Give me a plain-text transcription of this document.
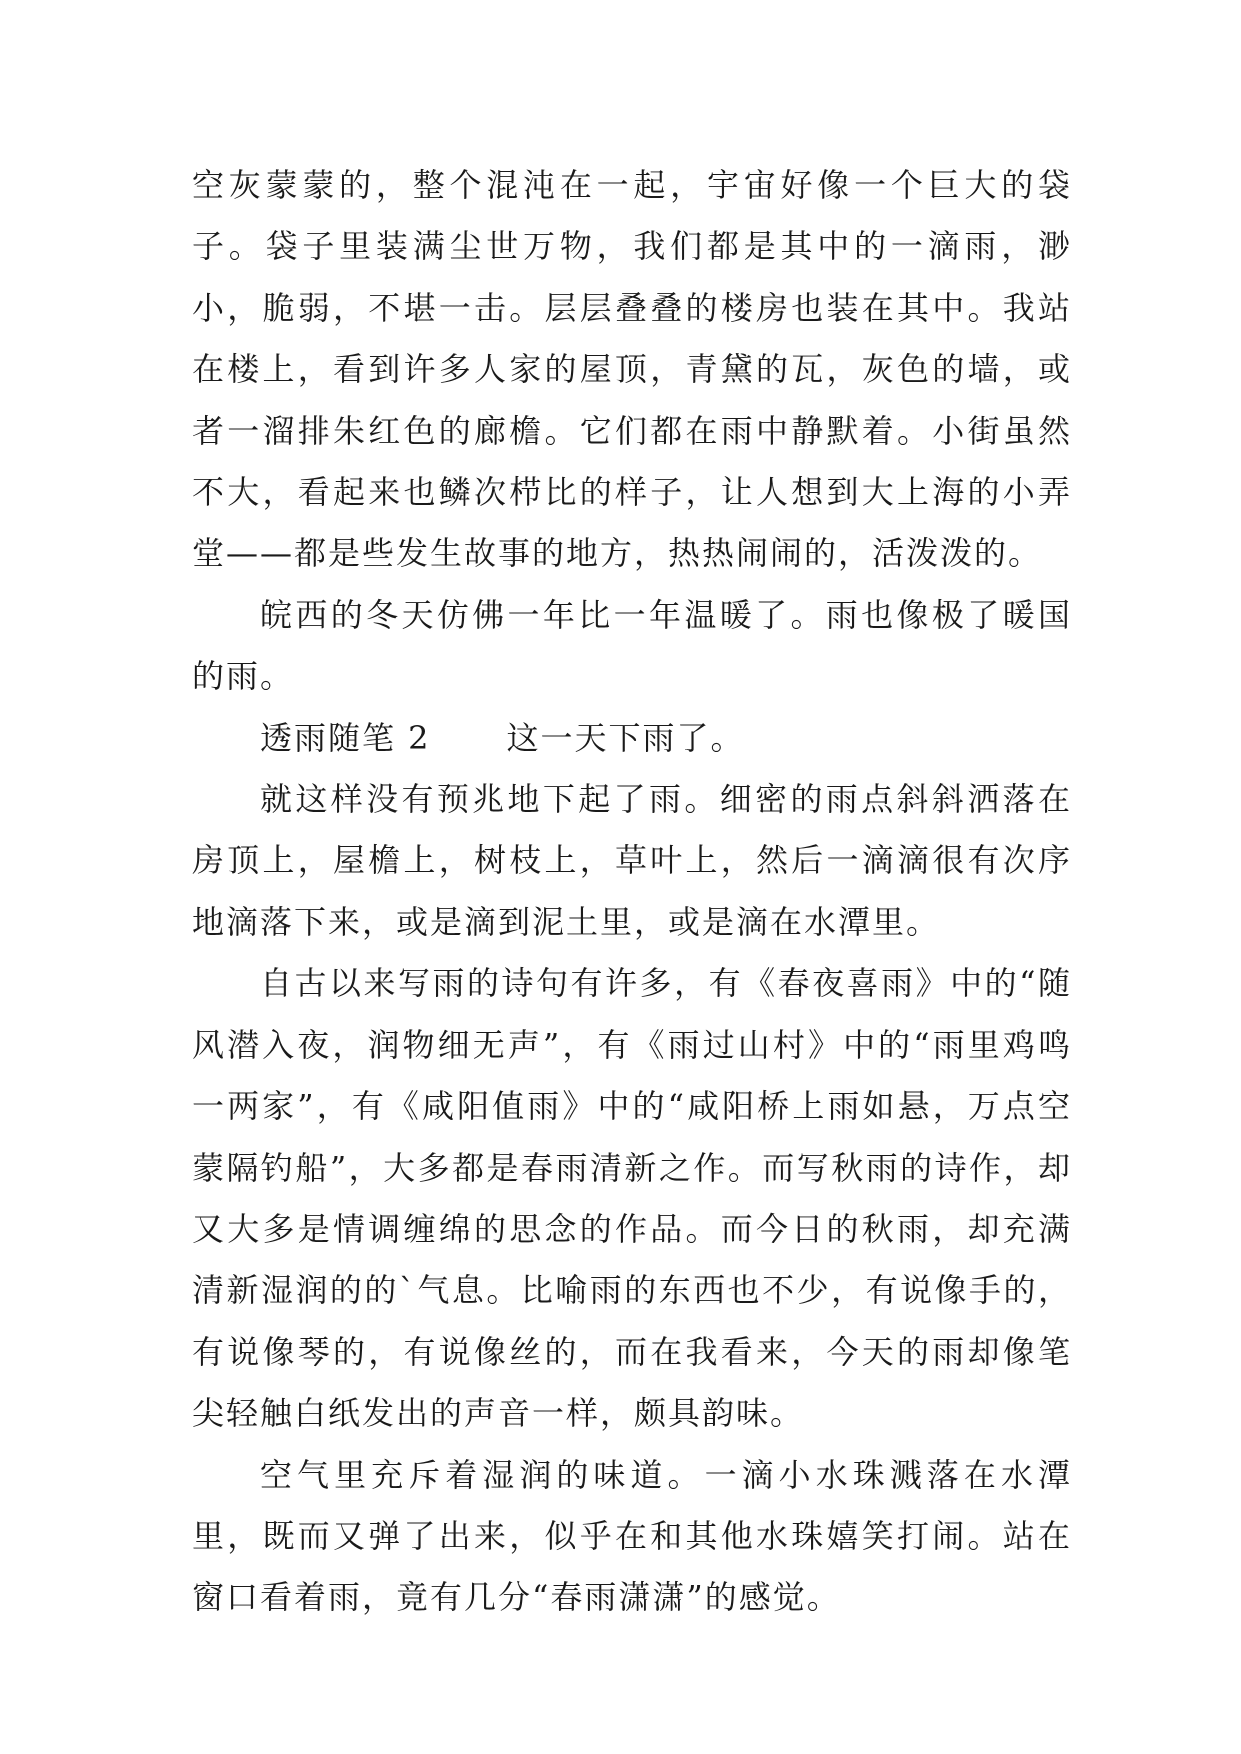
空灰蒙蒙的，整个混沌在一起，宇宙好像一个巨大的袋子。袋子里装满尘世万物，我们都是其中的一滴雨，渺小，脆弱，不堪一击。层层叠叠的楼房也装在其中。我站在楼上，看到许多人家的屋顶，青黛的瓦，灰色的墙，或者一溜排朱红色的廊檐。它们都在雨中静默着。小街虽然不大，看起来也鳞次栉比的样子，让人想到大上海的小弄堂——都是些发生故事的地方，热热闹闹的，活泼泼的。

皖西的冬天仿佛一年比一年温暖了。雨也像极了暖国的雨。

透雨随笔 2 这一天下雨了。

就这样没有预兆地下起了雨。细密的雨点斜斜洒落在房顶上，屋檐上，树枝上，草叶上，然后一滴滴很有次序地滴落下来，或是滴到泥土里，或是滴在水潭里。

自古以来写雨的诗句有许多，有《春夜喜雨》中的“随风潜入夜，润物细无声”，有《雨过山村》中的“雨里鸡鸣一两家”，有《咸阳值雨》中的“咸阳桥上雨如悬，万点空蒙隔钓船”，大多都是春雨清新之作。而写秋雨的诗作，却又大多是情调缠绵的思念的作品。而今日的秋雨，却充满清新湿润的的`气息。比喻雨的东西也不少，有说像手的，有说像琴的，有说像丝的，而在我看来，今天的雨却像笔尖轻触白纸发出的声音一样，颇具韵味。

空气里充斥着湿润的味道。一滴小水珠溅落在水潭里，既而又弹了出来，似乎在和其他水珠嬉笑打闹。站在窗口看着雨，竟有几分“春雨潇潇”的感觉。
